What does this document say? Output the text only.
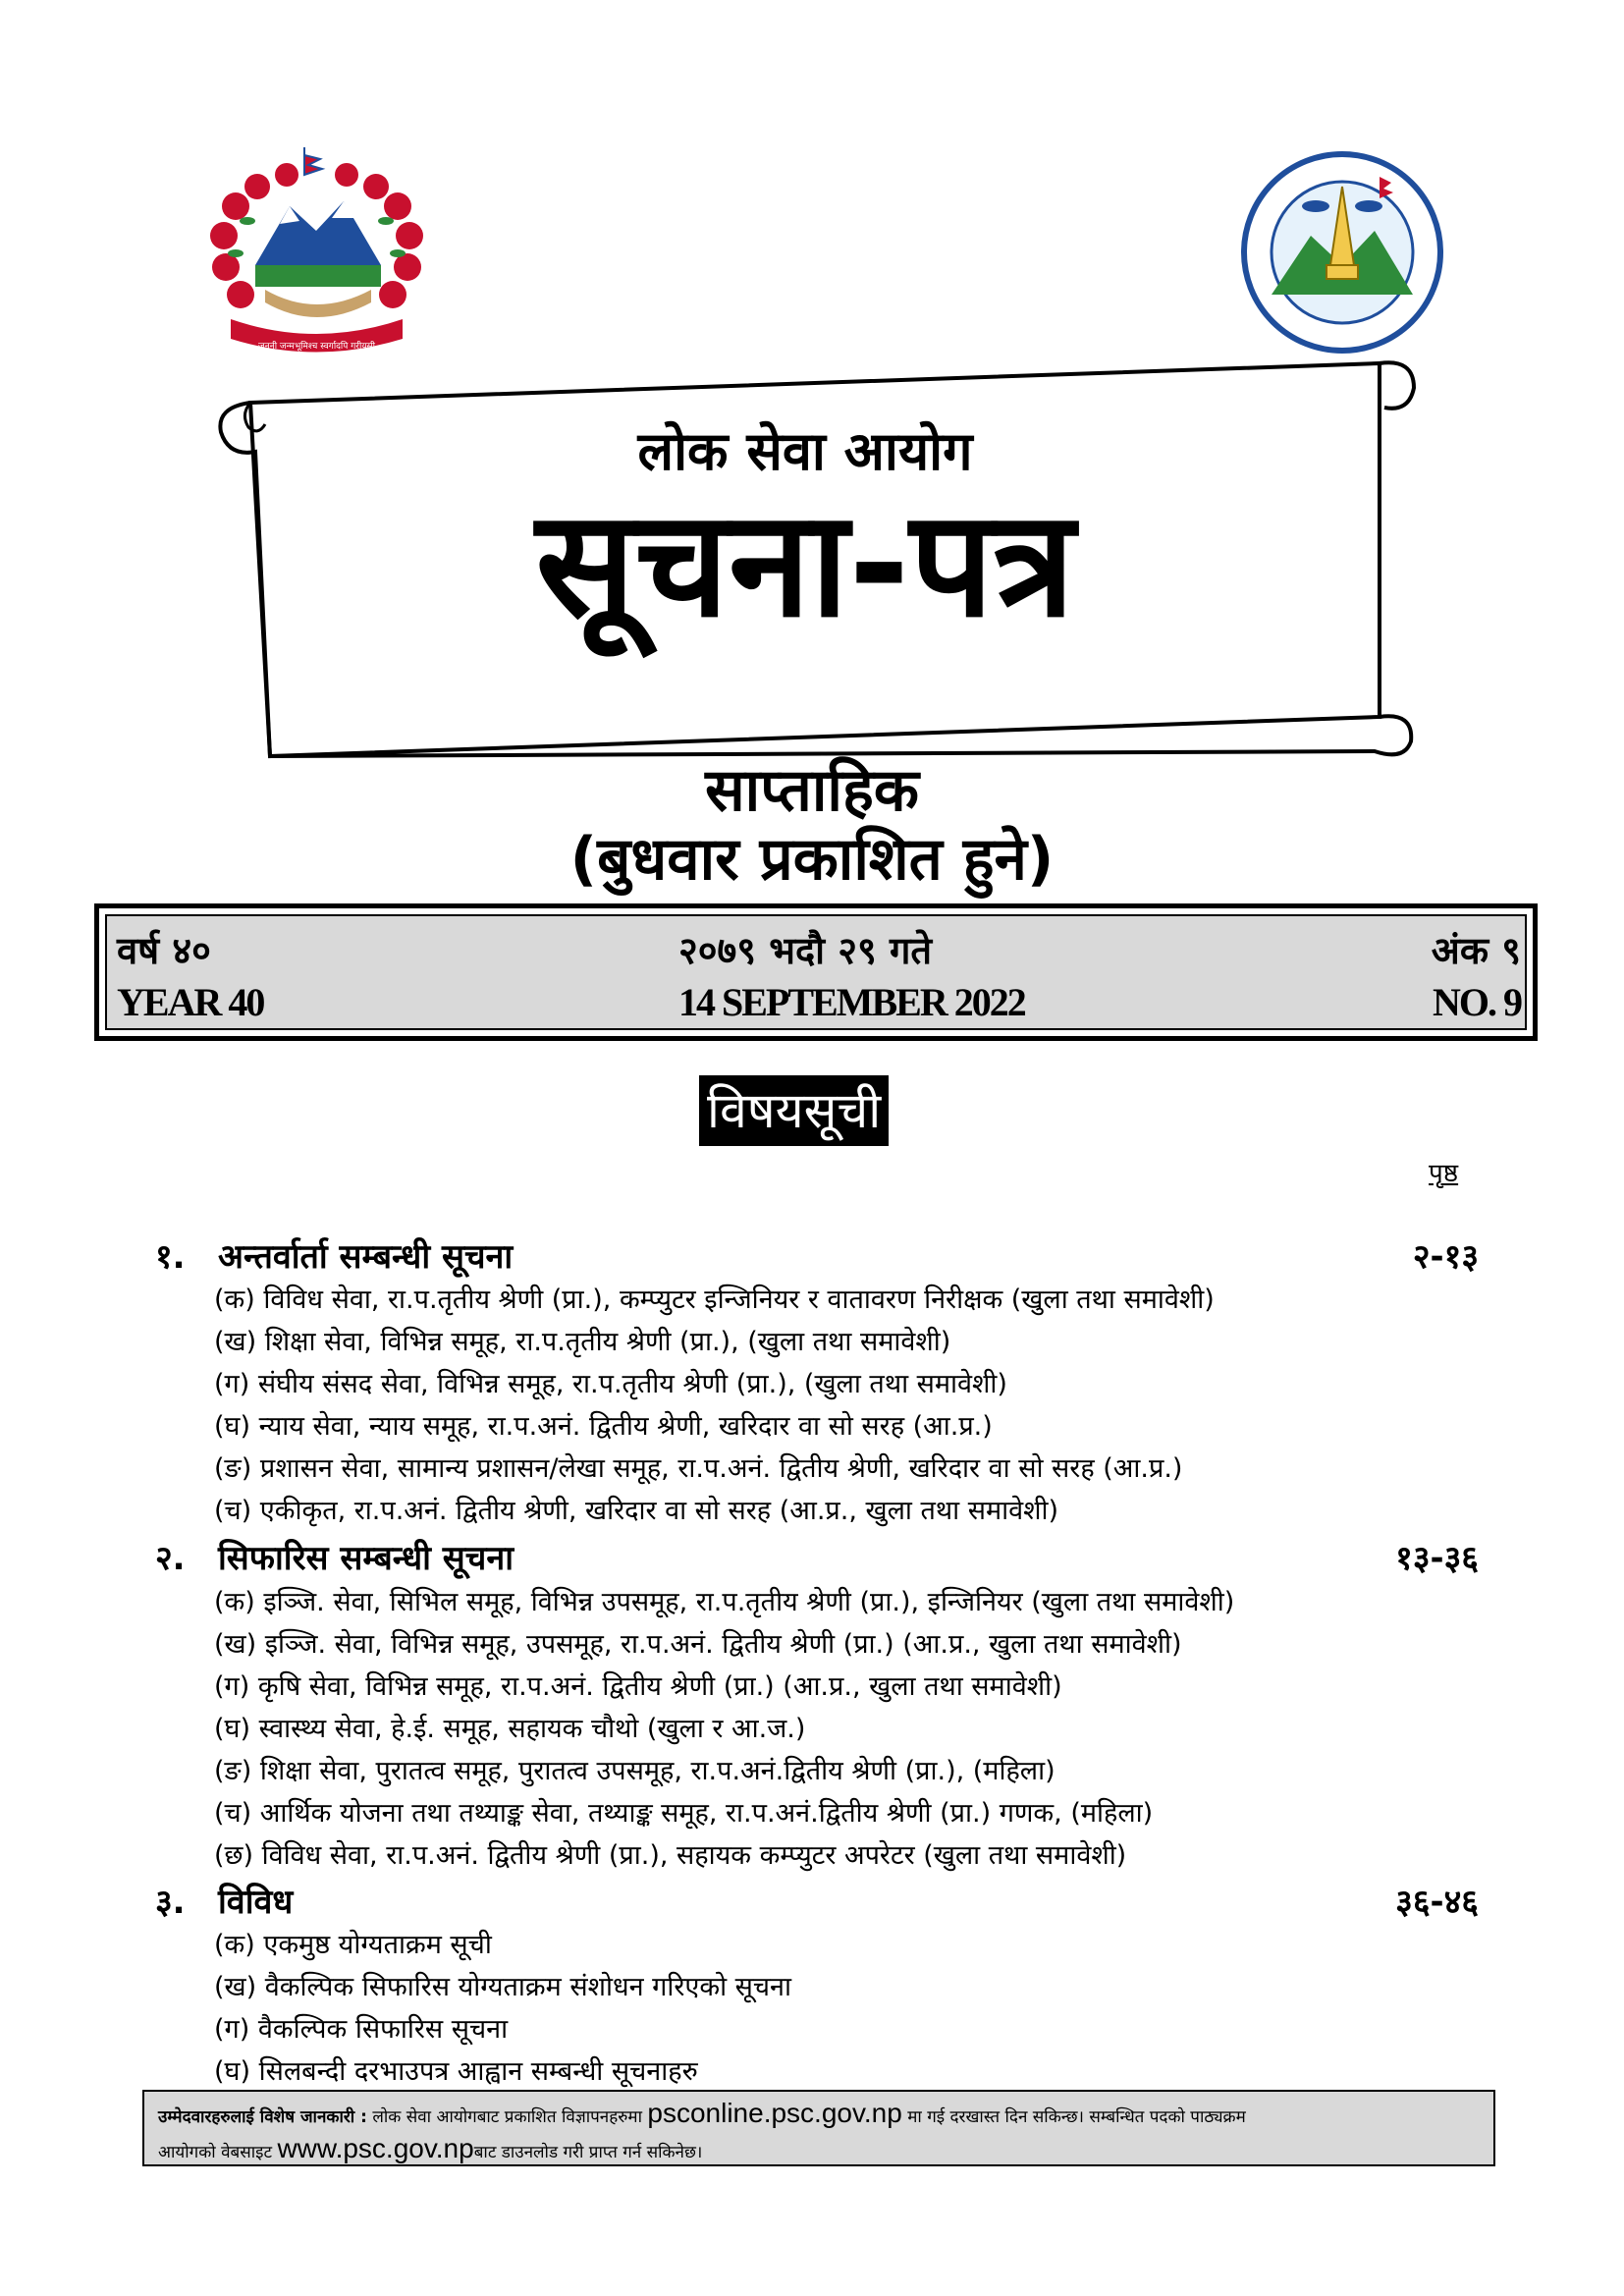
जननी जन्मभूमिश्च स्वर्गादपि गरीयसी
लोक सेवा आयोग
सूचना-पत्र
साप्ताहिक
(बुधवार प्रकाशित हुने)
वर्ष ४०	२०७९ भदौ २९ गते	अंक ९
YEAR 40	14 SEPTEMBER 2022	NO. 9
विषयसूची
पृष्ठ
१. अन्तर्वार्ता सम्बन्धी सूचना	२-१३
(क) विविध सेवा, रा.प.तृतीय श्रेणी (प्रा.), कम्प्युटर इन्जिनियर र वातावरण निरीक्षक (खुला तथा समावेशी)
(ख) शिक्षा सेवा, विभिन्न समूह, रा.प.तृतीय श्रेणी (प्रा.), (खुला तथा समावेशी)
(ग) संघीय संसद सेवा, विभिन्न समूह, रा.प.तृतीय श्रेणी (प्रा.), (खुला तथा समावेशी)
(घ) न्याय सेवा, न्याय समूह, रा.प.अनं. द्वितीय श्रेणी, खरिदार वा सो सरह (आ.प्र.)
(ङ) प्रशासन सेवा, सामान्य प्रशासन/लेखा समूह, रा.प.अनं. द्वितीय श्रेणी, खरिदार वा सो सरह (आ.प्र.)
(च) एकीकृत, रा.प.अनं. द्वितीय श्रेणी, खरिदार वा सो सरह (आ.प्र., खुला तथा समावेशी)
२. सिफारिस सम्बन्धी सूचना	१३-३६
(क) इञ्जि. सेवा, सिभिल समूह, विभिन्न उपसमूह, रा.प.तृतीय श्रेणी (प्रा.), इन्जिनियर (खुला तथा समावेशी)
(ख) इञ्जि. सेवा, विभिन्न समूह, उपसमूह, रा.प.अनं. द्वितीय श्रेणी (प्रा.) (आ.प्र., खुला तथा समावेशी)
(ग) कृषि सेवा, विभिन्न समूह, रा.प.अनं. द्वितीय श्रेणी (प्रा.) (आ.प्र., खुला तथा समावेशी)
(घ) स्वास्थ्य सेवा, हे.ई. समूह, सहायक चौथो (खुला र आ.ज.)
(ङ) शिक्षा सेवा, पुरातत्व समूह, पुरातत्व उपसमूह, रा.प.अनं.द्वितीय श्रेणी (प्रा.), (महिला)
(च) आर्थिक योजना तथा तथ्याङ्क सेवा, तथ्याङ्क समूह, रा.प.अनं.द्वितीय श्रेणी (प्रा.) गणक, (महिला)
(छ) विविध सेवा, रा.प.अनं. द्वितीय श्रेणी (प्रा.), सहायक कम्प्युटर अपरेटर (खुला तथा समावेशी)
३. विविध	३६-४६
(क) एकमुष्ठ योग्यताक्रम सूची
(ख) वैकल्पिक सिफारिस योग्यताक्रम संशोधन गरिएको सूचना
(ग) वैकल्पिक सिफारिस सूचना
(घ) सिलबन्दी दरभाउपत्र आह्वान सम्बन्धी सूचनाहरु
उम्मेदवारहरुलाई विशेष जानकारी : लोक सेवा आयोगबाट प्रकाशित विज्ञापनहरुमा psconline.psc.gov.np मा गई दरखास्त दिन सकिन्छ। सम्बन्धित पदको पाठ्यक्रम
आयोगको वेबसाइट www.psc.gov.npबाट डाउनलोड गरी प्राप्त गर्न सकिनेछ।
